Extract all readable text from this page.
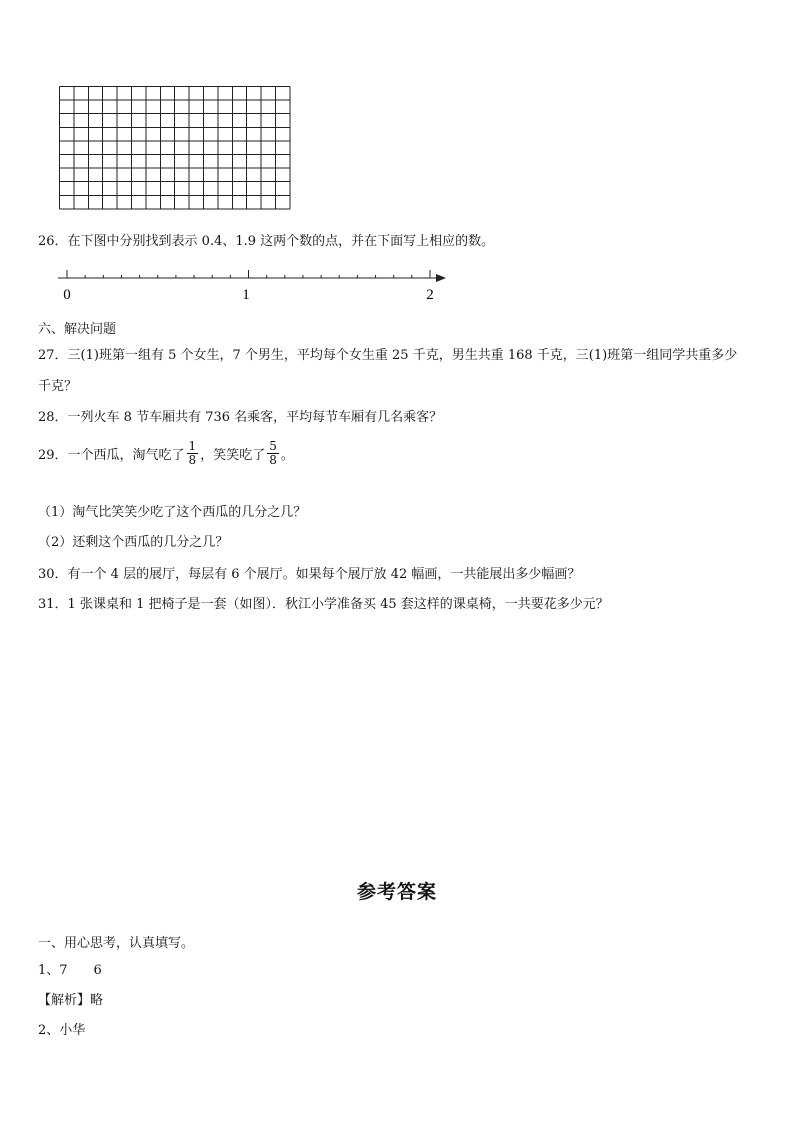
26．在下图中分别找到表示 0.4、1.9 这两个数的点，并在下面写上相应的数。
0	1	2
六、解决问题
27．三(1)班第一组有 5 个女生，7 个男生，平均每个女生重 25 千克，男生共重 168 千克，三(1)班第一组同学共重多少
千克？
28．一列火车 8 节车厢共有 736 名乘客，平均每节车厢有几名乘客？
29．一个西瓜，淘气吃了 $\frac{1}{8}$ ，笑笑吃了 $\frac{5}{8}$ 。
（1）淘气比笑笑少吃了这个西瓜的几分之几？
（2）还剩这个西瓜的几分之几？
30．有一个 4 层的展厅，每层有 6 个展厅。如果每个展厅放 42 幅画，一共能展出多少幅画？
31．1 张课桌和 1 把椅子是一套（如图）．秋江小学准备买 45 套这样的课桌椅，一共要花多少元？
参考答案
一、用心思考，认真填写。
1、7　　6
【解析】略
2、小华
